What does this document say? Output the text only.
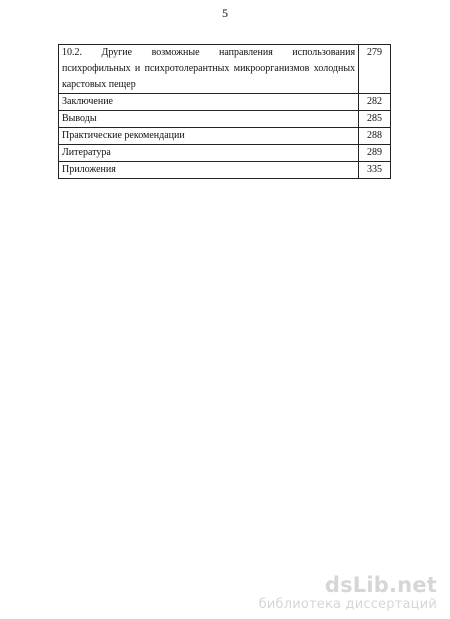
5
10.2. Другие возможные направления использования психрофильных и психротолерантных микроорганизмов холодных карстовых пещер	279
Заключение	282
Выводы	285
Практические рекомендации	288
Литература	289
Приложения	335
dsLib.net
библиотека диссертаций
